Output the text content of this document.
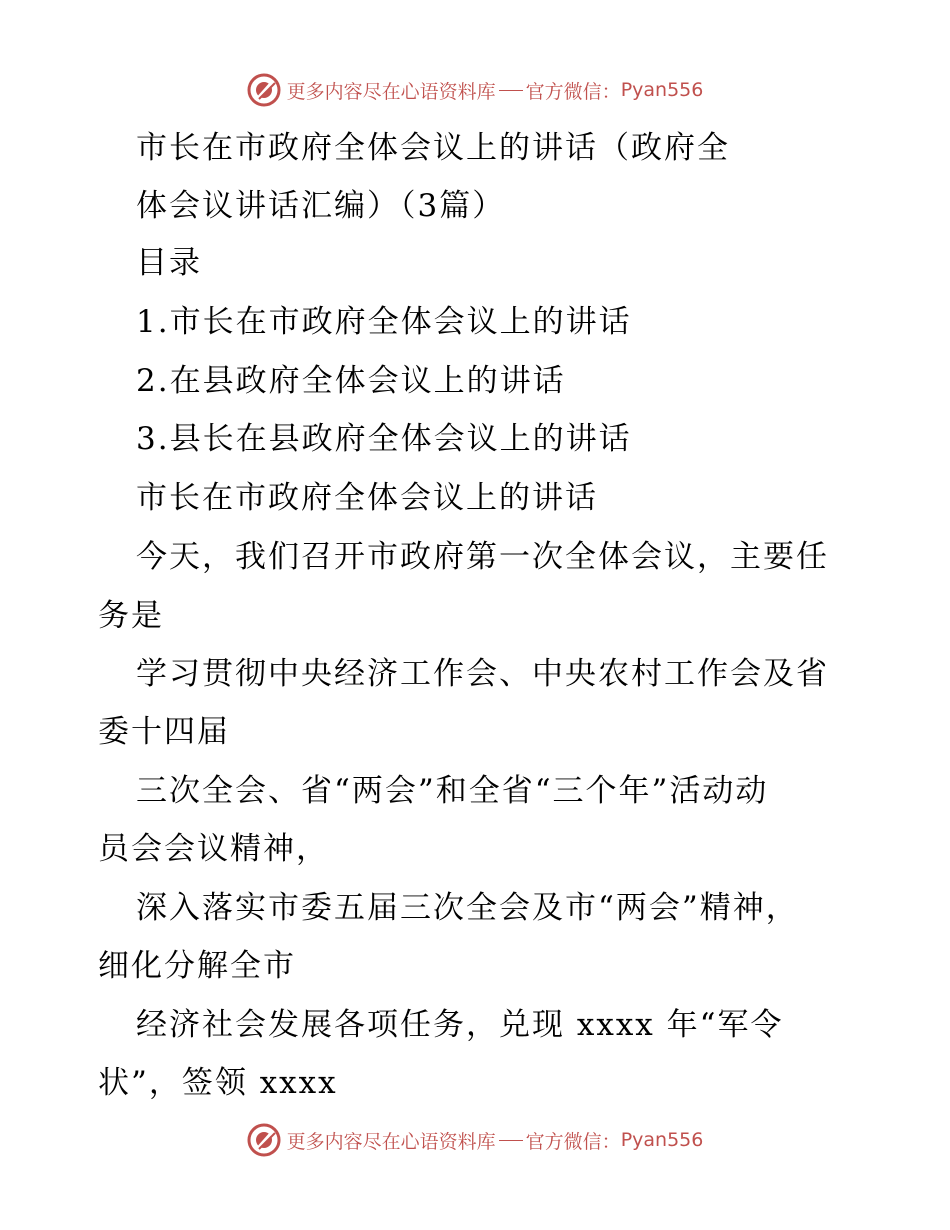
更多内容尽在心语资料库 官方微信： Pyan556
市长在市政府全体会议上的讲话（政府全
体会议讲话汇编）（3篇）
目录
1.市长在市政府全体会议上的讲话
2.在县政府全体会议上的讲话
3.县长在县政府全体会议上的讲话
市长在市政府全体会议上的讲话
今天，我们召开市政府第一次全体会议，主要任
务是
学习贯彻中央经济工作会、中央农村工作会及省
委十四届
三次全会、省“两会”和全省“三个年”活动动
员会会议精神，
深入落实市委五届三次全会及市“两会”精神，
细化分解全市
经济社会发展各项任务，兑现 xxxx 年“军令
状”，签领 xxxx
更多内容尽在心语资料库 官方微信： Pyan556
